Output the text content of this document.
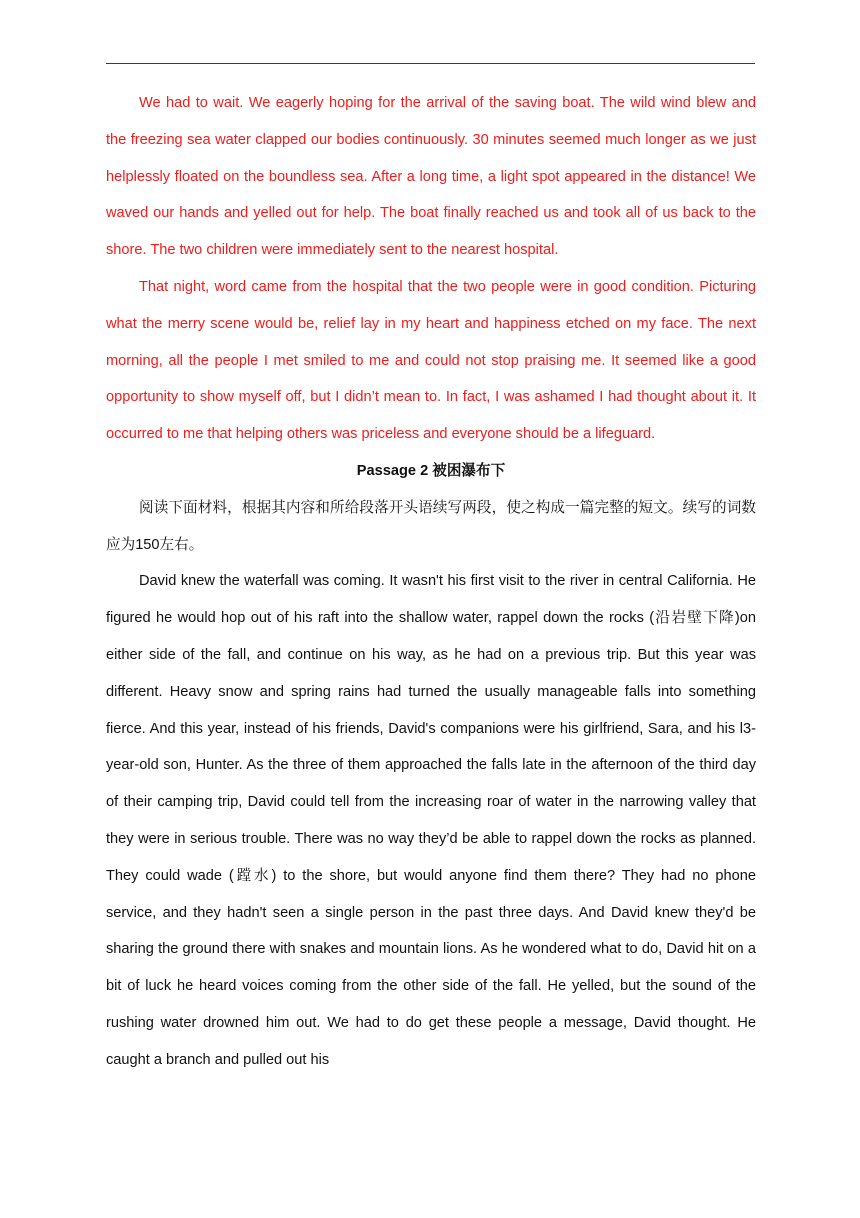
We had to wait. We eagerly hoping for the arrival of the saving boat. The wild wind blew and the freezing sea water clapped our bodies continuously. 30 minutes seemed much longer as we just helplessly floated on the boundless sea. After a long time, a light spot appeared in the distance! We waved our hands and yelled out for help. The boat finally reached us and took all of us back to the shore. The two children were immediately sent to the nearest hospital.

That night, word came from the hospital that the two people were in good condition. Picturing what the merry scene would be, relief lay in my heart and happiness etched on my face. The next morning, all the people I met smiled to me and could not stop praising me. It seemed like a good opportunity to show myself off, but I didn’t mean to. In fact, I was ashamed I had thought about it. It occurred to me that helping others was priceless and everyone should be a lifeguard.

Passage 2 被困瀑布下

阅读下面材料，根据其内容和所给段落开头语续写两段，使之构成一篇完整的短文。续写的词数应为150左右。

David knew the waterfall was coming. It wasn't his first visit to the river in central California. He figured he would hop out of his raft into the shallow water, rappel down the rocks (沿岩壁下降)on either side of the fall, and continue on his way, as he had on a previous trip. But this year was different. Heavy snow and spring rains had turned the usually manageable falls into something fierce. And this year, instead of his friends, David's companions were his girlfriend, Sara, and his l3-year-old son, Hunter. As the three of them approached the falls late in the afternoon of the third day of their camping trip, David could tell from the increasing roar of water in the narrowing valley that they were in serious trouble. There was no way they’d be able to rappel down the rocks as planned. They could wade (蹚水) to the shore, but would anyone find them there? They had no phone service, and they hadn't seen a single person in the past three days. And David knew they'd be sharing the ground there with snakes and mountain lions. As he wondered what to do, David hit on a bit of luck he heard voices coming from the other side of the fall. He yelled, but the sound of the rushing water drowned him out. We had to do get these people a message, David thought. He caught a branch and pulled out his
